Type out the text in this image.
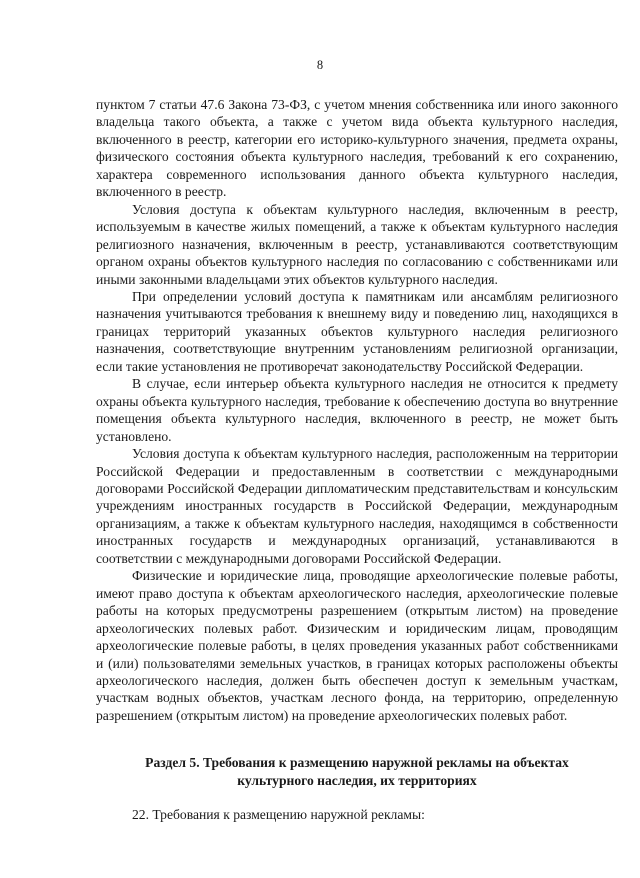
8

пунктом 7 статьи 47.6 Закона 73-ФЗ, с учетом мнения собственника или иного законного владельца такого объекта, а также с учетом вида объекта культурного наследия, включенного в реестр, категории его историко-культурного значения, предмета охраны, физического состояния объекта культурного наследия, требований к его сохранению, характера современного использования данного объекта культурного наследия, включенного в реестр.

Условия доступа к объектам культурного наследия, включенным в реестр, используемым в качестве жилых помещений, а также к объектам культурного наследия религиозного назначения, включенным в реестр, устанавливаются соответствующим органом охраны объектов культурного наследия по согласованию с собственниками или иными законными владельцами этих объектов культурного наследия.

При определении условий доступа к памятникам или ансамблям религиозного назначения учитываются требования к внешнему виду и поведению лиц, находящихся в границах территорий указанных объектов культурного наследия религиозного назначения, соответствующие внутренним установлениям религиозной организации, если такие установления не противоречат законодательству Российской Федерации.

В случае, если интерьер объекта культурного наследия не относится к предмету охраны объекта культурного наследия, требование к обеспечению доступа во внутренние помещения объекта культурного наследия, включенного в реестр, не может быть установлено.

Условия доступа к объектам культурного наследия, расположенным на территории Российской Федерации и предоставленным в соответствии с международными договорами Российской Федерации дипломатическим представительствам и консульским учреждениям иностранных государств в Российской Федерации, международным организациям, а также к объектам культурного наследия, находящимся в собственности иностранных государств и международных организаций, устанавливаются в соответствии с международными договорами Российской Федерации.

Физические и юридические лица, проводящие археологические полевые работы, имеют право доступа к объектам археологического наследия, археологические полевые работы на которых предусмотрены разрешением (открытым листом) на проведение археологических полевых работ. Физическим и юридическим лицам, проводящим археологические полевые работы, в целях проведения указанных работ собственниками и (или) пользователями земельных участков, в границах которых расположены объекты археологического наследия, должен быть обеспечен доступ к земельным участкам, участкам водных объектов, участкам лесного фонда, на территорию, определенную разрешением (открытым листом) на проведение археологических полевых работ.

Раздел 5. Требования к размещению наружной рекламы на объектах
культурного наследия, их территориях
22. Требования к размещению наружной рекламы:
